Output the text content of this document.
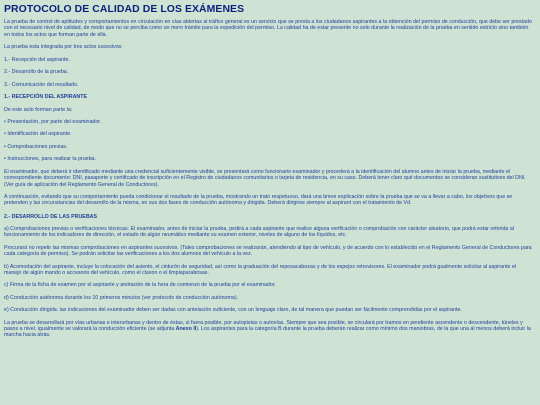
PROTOCOLO DE CALIDAD DE LOS EXÁMENES

La prueba de control de aptitudes y comportamientos en circulación en vías abiertas al tráfico general es un servicio que se presta a los ciudadanos aspirantes a la obtención del permiso de conducción, que debe ser prestado con el necesario nivel de calidad, de modo que no se perciba como un mero trámite para la expedición del permiso. La calidad ha de estar presente no solo durante la realización de la prueba en sentido estricto sino también en todos los actos que forman parte de ella.

La prueba esta integrada por tres actos sucesivos:

1.- Recepción del aspirante.

2.- Desarrollo de la prueba.

3.- Comunicación del resultado.

1.- RECEPCIÓN DEL ASPIRANTE

De este acto forman parte la:

• Presentación, por parte del examinador.

• Identificación del aspirante.

• Comprobaciones previas.

• Instrucciones, para realizar la prueba.

El examinador, que deberá ir identificado mediante una credencial suficientemente visible, se presentará como funcionario examinador y procederá a la identificación del alumno antes de iniciar la prueba, mediante el correspondiente documento: DNI, pasaporte y certificado de inscripción en el Registro de ciudadanos comunitarios o tarjeta de residencia, en su caso. Deberá tener claro qué documentos se consideran sustitutivos del DNI. (Ver guía de aplicación del Reglamento General de Conductores).

A continuación, evitando que su comportamiento pueda condicionar el resultado de la prueba, mostrando un trato respetuoso, dará una breve explicación sobre la prueba que se va a llevar a cabo, los objetivos que se pretenden y las circunstancias del desarrollo de la misma, en sus dos fases de conducción autónoma y dirigida. Deberá dirigirse siempre al aspirant con el tratamiento de Vd.

2.- DESARROLLO DE LAS PRUEBAS

a) Comprobaciones previas o verificaciones técnicas: El examinador, antes de iniciar la prueba, pedirá a cada aspirante que realice alguna verificación o comprobación con carácter aleatorio, que podrá estar referida al funcionamiento de los indicadores de dirección, el estado de algún neumático mediante su examen exterior, niveles de alguno de los líquidos, etc.

Procurará no repetir las mismas comprobaciones en aspirantes sucesivos. (Tales comprobaciones se realizarán, atendiendo al tipo de vehículo, y de acuerdo con lo establecido en el Reglamento General de Conductores para cada categoría de permiso). Se podrán solicitar las verificaciones a los dos alumnos del vehículo a la vez.

b) Acomodación del aspirante, incluye la colocación del asiento, el cinturón de seguridad, así como la graduación del reposacabezas y de los espejos retrovisores. El examinador podrá gualmente solicitar al aspirante el manejo de algún mando o accesorio del vehículo, como el claxon o el limpiaparabrisas.

c) Firma de la ficha de examen por el aspirante y anotación de la hora de comienzo de la prueba por el examinador.

d) Conducción autónoma durante los 10 primeros minutos (ver protocolo de conducción autónoma).

e) Conducción dirigida: las indicaciones del examinador deben ser dadas con antelación suficiente, con un lenguaje claro, de tal manera que puedan ser fácilmente comprendidas por el aspirante.

La prueba se desarrollará por vías urbanas e interurbanas y dentro de éstas, si fuera posible, por autopistas o autovías. Siempre que sea posible, se circulará por tramos en pendiente ascendente o descendente, túneles y pasos a nivel, igualmente se valorará la conducción eficiente (se adjunta Anexo II). Los aspirantes para la categoría B durante la prueba deberán realizar como mínimo dos maniobras, de la que una al menos deberá incluir la marcha hacia atrás.
